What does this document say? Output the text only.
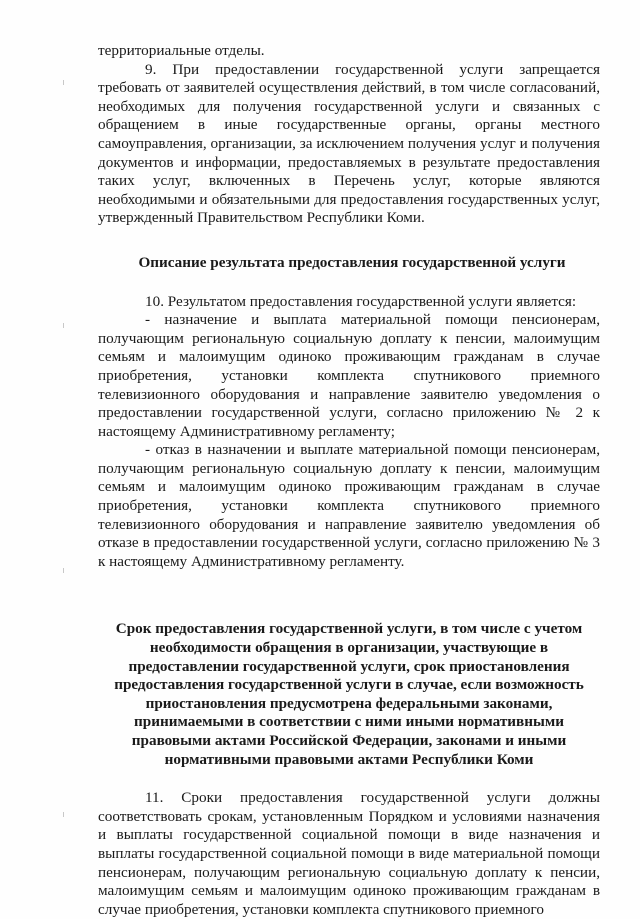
территориальные отделы.

9. При предоставлении государственной услуги запрещается требовать от заявителей осуществления действий, в том числе согласований, необходимых для получения государственной услуги и связанных с обращением в иные государственные органы, органы местного самоуправления, организации, за исключением получения услуг и получения документов и информации, предоставляемых в результате предоставления таких услуг, включенных в Перечень услуг, которые являются необходимыми и обязательными для предоставления государственных услуг, утвержденный Правительством Республики Коми.

Описание результата предоставления государственной услуги

10. Результатом предоставления государственной услуги является:

- назначение и выплата материальной помощи пенсионерам, получающим региональную социальную доплату к пенсии, малоимущим семьям и малоимущим одиноко проживающим гражданам в случае приобретения, установки комплекта спутникового приемного телевизионного оборудования и направление заявителю уведомления о предоставлении государственной услуги, согласно приложению № 2 к настоящему Административному регламенту;

- отказ в назначении и выплате материальной помощи пенсионерам, получающим региональную социальную доплату к пенсии, малоимущим семьям и малоимущим одиноко проживающим гражданам в случае приобретения, установки комплекта спутникового приемного телевизионного оборудования и направление заявителю уведомления об отказе в предоставлении государственной услуги, согласно приложению № 3 к настоящему Административному регламенту.

Срок предоставления государственной услуги, в том числе с учетом необходимости обращения в организации, участвующие в предоставлении государственной услуги, срок приостановления предоставления государственной услуги в случае, если возможность приостановления предусмотрена федеральными законами, принимаемыми в соответствии с ними иными нормативными правовыми актами Российской Федерации, законами и иными нормативными правовыми актами Республики Коми

11. Сроки предоставления государственной услуги должны соответствовать срокам, установленным Порядком и условиями назначения и выплаты государственной социальной помощи в виде назначения и выплаты государственной социальной помощи в виде материальной помощи пенсионерам, получающим региональную социальную доплату к пенсии, малоимущим семьям и малоимущим одиноко проживающим гражданам в случае приобретения, установки комплекта спутникового приемного
